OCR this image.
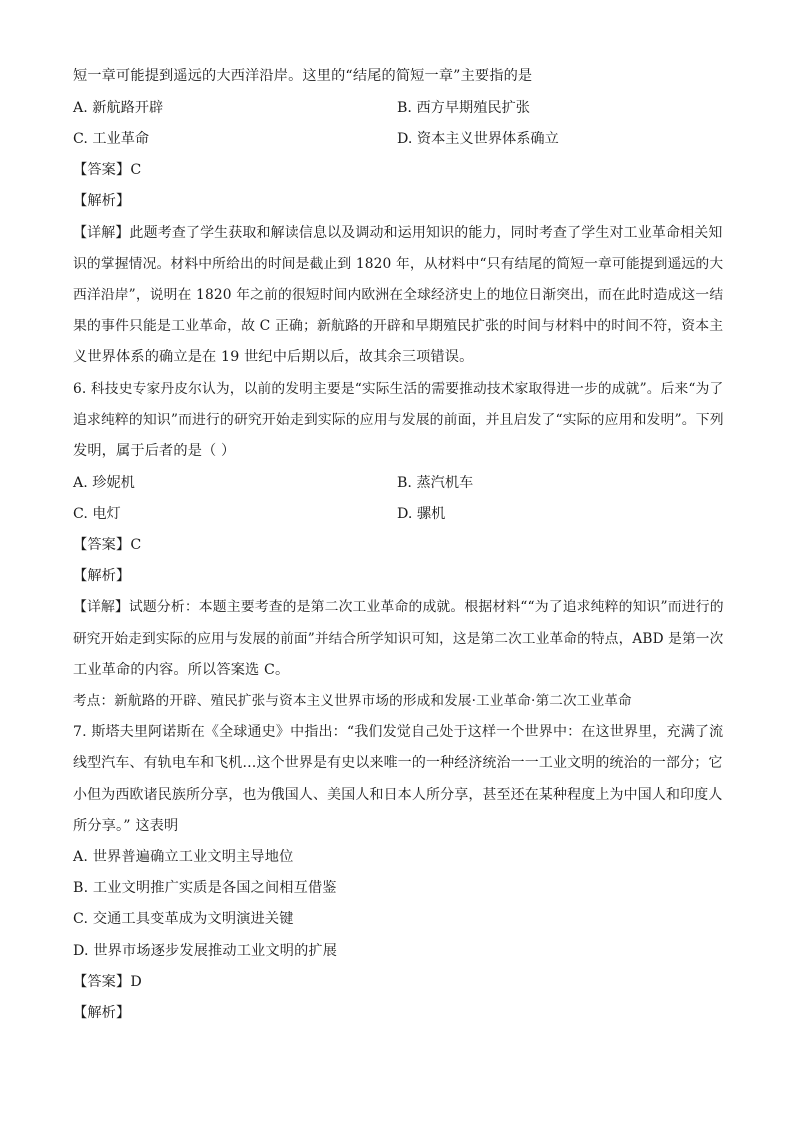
短一章可能提到遥远的大西洋沿岸。这里的“结尾的简短一章”主要指的是
A. 新航路开辟	B. 西方早期殖民扩张
C. 工业革命	D. 资本主义世界体系确立
【答案】C
【解析】
【详解】此题考查了学生获取和解读信息以及调动和运用知识的能力，同时考查了学生对工业革命相关知
识的掌握情况。材料中所给出的时间是截止到 1820 年，从材料中“只有结尾的简短一章可能提到遥远的大
西洋沿岸”，说明在 1820 年之前的很短时间内欧洲在全球经济史上的地位日渐突出，而在此时造成这一结
果的事件只能是工业革命，故 C 正确；新航路的开辟和早期殖民扩张的时间与材料中的时间不符，资本主
义世界体系的确立是在 19 世纪中后期以后，故其余三项错误。
6. 科技史专家丹皮尔认为，以前的发明主要是“实际生活的需要推动技术家取得进一步的成就”。后来“为了
追求纯粹的知识”而进行的研究开始走到实际的应用与发展的前面，并且启发了“实际的应用和发明”。下列
发明，属于后者的是（ ）
A. 珍妮机	B. 蒸汽机车
C. 电灯	D. 骡机
【答案】C
【解析】
【详解】试题分析：本题主要考查的是第二次工业革命的成就。根据材料““为了追求纯粹的知识”而进行的
研究开始走到实际的应用与发展的前面”并结合所学知识可知，这是第二次工业革命的特点，ABD 是第一次
工业革命的内容。所以答案选 C。
考点：新航路的开辟、殖民扩张与资本主义世界市场的形成和发展·工业革命·第二次工业革命
7. 斯塔夫里阿诺斯在《全球通史》中指出：“我们发觉自己处于这样一个世界中：在这世界里，充满了流
线型汽车、有轨电车和飞机…这个世界是有史以来唯一的一种经济统治一一工业文明的统治的一部分；它
小但为西欧诸民族所分享，也为俄国人、美国人和日本人所分享，甚至还在某种程度上为中国人和印度人
所分享。” 这表明
A. 世界普遍确立工业文明主导地位
B. 工业文明推广实质是各国之间相互借鉴
C. 交通工具变革成为文明演进关键
D. 世界市场逐步发展推动工业文明的扩展
【答案】D
【解析】
